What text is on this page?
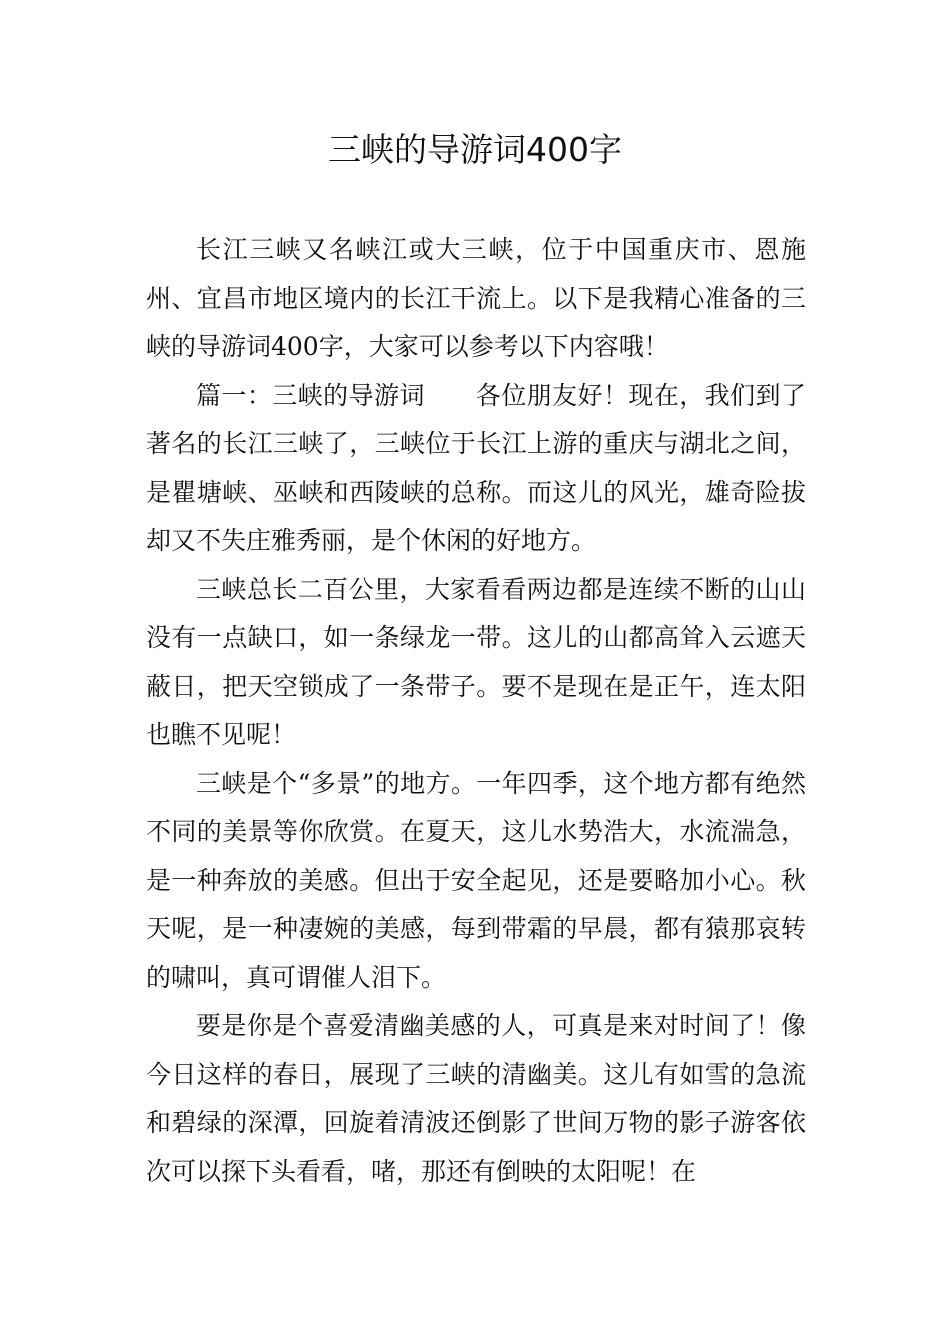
三峡的导游词400字

长江三峡又名峡江或大三峡，位于中国重庆市、恩施州、宜昌市地区境内的长江干流上。以下是我精心准备的三峡的导游词400字，大家可以参考以下内容哦！

篇一：三峡的导游词　　各位朋友好！现在，我们到了著名的长江三峡了，三峡位于长江上游的重庆与湖北之间，是瞿塘峡、巫峡和西陵峡的总称。而这儿的风光，雄奇险拔却又不失庄雅秀丽，是个休闲的好地方。

三峡总长二百公里，大家看看两边都是连续不断的山山没有一点缺口，如一条绿龙一带。这儿的山都高耸入云遮天蔽日，把天空锁成了一条带子。要不是现在是正午，连太阳也瞧不见呢！

三峡是个“多景”的地方。一年四季，这个地方都有绝然不同的美景等你欣赏。在夏天，这儿水势浩大，水流湍急，是一种奔放的美感。但出于安全起见，还是要略加小心。秋天呢，是一种凄婉的美感，每到带霜的早晨，都有猿那哀转的啸叫，真可谓催人泪下。

要是你是个喜爱清幽美感的人，可真是来对时间了！像今日这样的春日，展现了三峡的清幽美。这儿有如雪的急流和碧绿的深潭，回旋着清波还倒影了世间万物的影子游客依次可以探下头看看，啫，那还有倒映的太阳呢！在
